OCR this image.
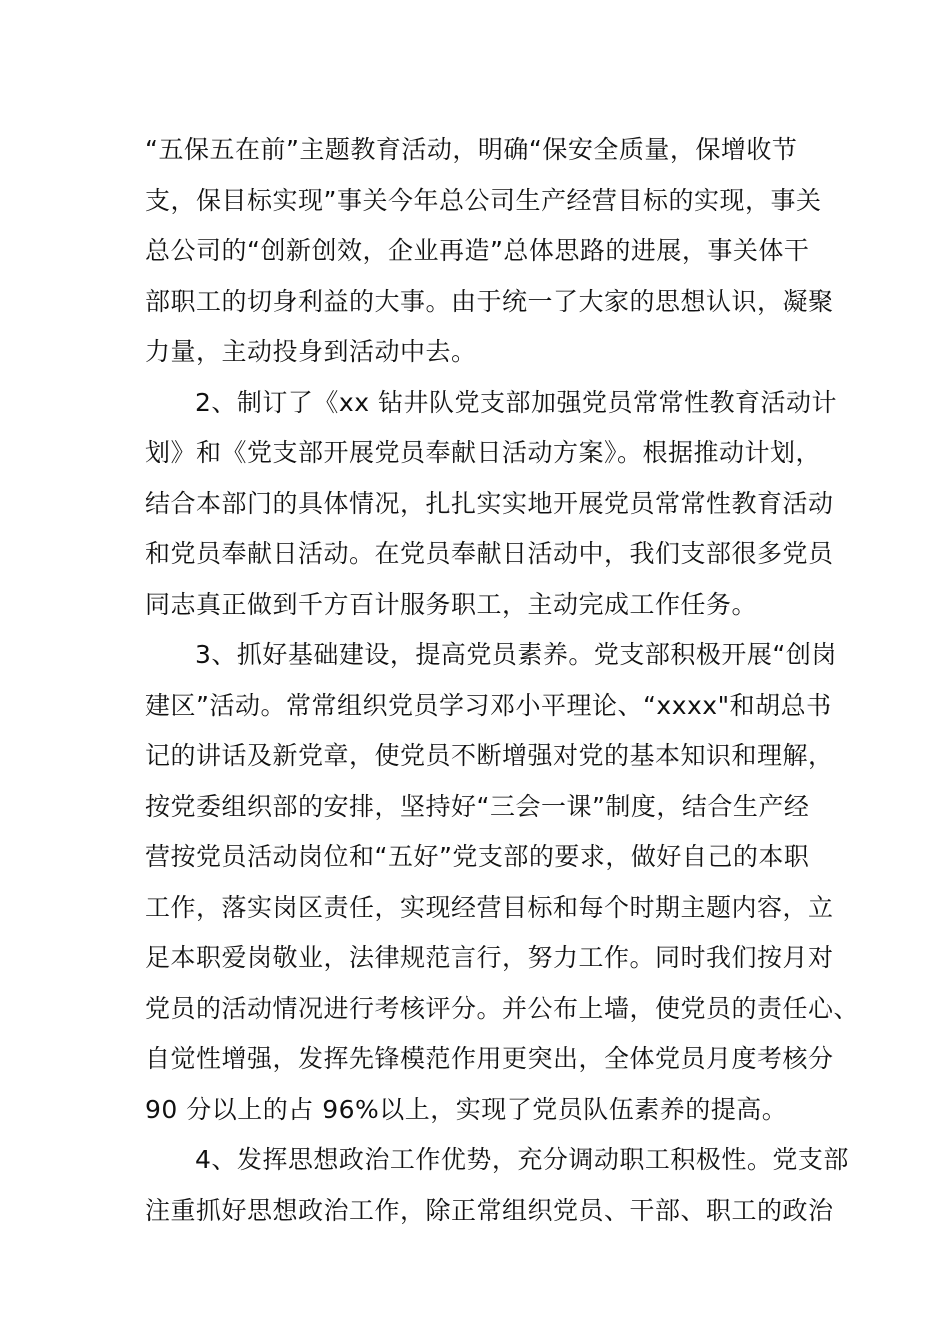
“五保五在前”主题教育活动，明确“保安全质量，保增收节
支，保目标实现”事关今年总公司生产经营目标的实现，事关
总公司的“创新创效，企业再造”总体思路的进展，事关体干
部职工的切身利益的大事。由于统一了大家的思想认识，凝聚
力量，主动投身到活动中去。
2、制订了《xx 钻井队党支部加强党员常常性教育活动计
划》和《党支部开展党员奉献日活动方案》。根据推动计划，
结合本部门的具体情况，扎扎实实地开展党员常常性教育活动
和党员奉献日活动。在党员奉献日活动中，我们支部很多党员
同志真正做到千方百计服务职工，主动完成工作任务。
3、抓好基础建设，提高党员素养。党支部积极开展“创岗
建区”活动。常常组织党员学习邓小平理论、“xxxx"和胡总书
记的讲话及新党章，使党员不断增强对党的基本知识和理解，
按党委组织部的安排，坚持好“三会一课”制度，结合生产经
营按党员活动岗位和“五好”党支部的要求，做好自己的本职
工作，落实岗区责任，实现经营目标和每个时期主题内容，立
足本职爱岗敬业，法律规范言行，努力工作。同时我们按月对
党员的活动情况进行考核评分。并公布上墙，使党员的责任心、
自觉性增强，发挥先锋模范作用更突出，全体党员月度考核分
90 分以上的占 96%以上，实现了党员队伍素养的提高。
4、发挥思想政治工作优势，充分调动职工积极性。党支部
注重抓好思想政治工作，除正常组织党员、干部、职工的政治
